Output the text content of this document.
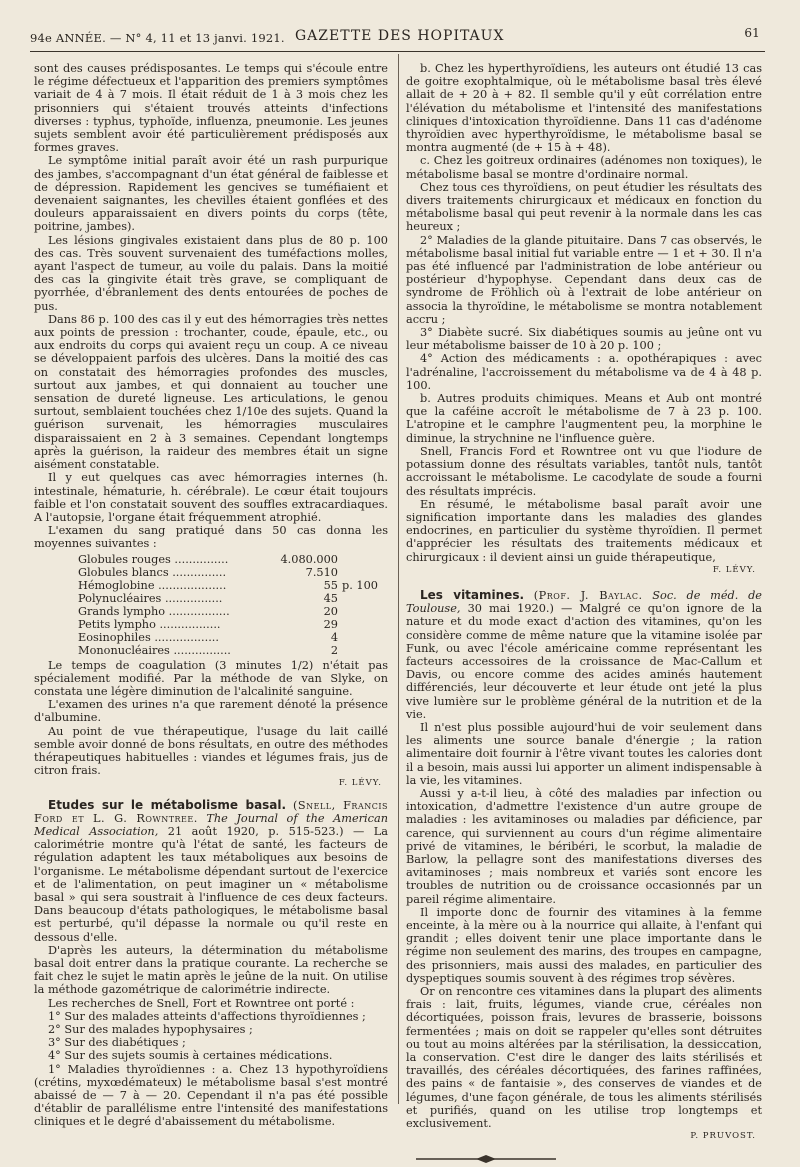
94e ANNÉE. — N° 4, 11 et 13 janvi. 1921. GAZETTE DES HOPITAUX	61

sont des causes prédisposantes. Le temps qui s'écoule entre le régime défectueux et l'apparition des premiers symptômes variait de 4 à 7 mois. Il était réduit de 1 à 3 mois chez les prisonniers qui s'étaient trouvés atteints d'infections diverses : typhus, typhoïde, influenza, pneumonie. Les jeunes sujets semblent avoir été particulièrement prédisposés aux formes graves.

Le symptôme initial paraît avoir été un rash purpurique des jambes, s'accompagnant d'un état général de faiblesse et de dépression. Rapidement les gencives se tuméfiaient et devenaient saignantes, les chevilles étaient gonflées et des douleurs apparaissaient en divers points du corps (tête, poitrine, jambes).

Les lésions gingivales existaient dans plus de 80 p. 100 des cas. Très souvent survenaient des tuméfactions molles, ayant l'aspect de tumeur, au voile du palais. Dans la moitié des cas la gingivite était très grave, se compliquant de pyorrhée, d'ébranlement des dents entourées de poches de pus.

Dans 86 p. 100 des cas il y eut des hémorragies très nettes aux points de pression : trochanter, coude, épaule, etc., ou aux endroits du corps qui avaient reçu un coup. A ce niveau se développaient parfois des ulcères. Dans la moitié des cas on constatait des hémorragies profondes des muscles, surtout aux jambes, et qui donnaient au toucher une sensation de dureté ligneuse. Les articulations, le genou surtout, semblaient touchées chez 1/10e des sujets. Quand la guérison survenait, les hémorragies musculaires disparaissaient en 2 à 3 semaines. Cependant longtemps après la guérison, la raideur des membres était un signe aisément constatable.

Il y eut quelques cas avec hémorragies internes (h. intestinale, hématurie, h. cérébrale). Le cœur était toujours faible et l'on constatait souvent des souffles extracardiaques. A l'autopsie, l'organe était fréquemment atrophié.

L'examen du sang pratiqué dans 50 cas donna les moyennes suivantes :

Globules rouges ...............	4.080.000	
Globules blancs ...............	7.510	
Hémoglobine ...................	55	p. 100
Polynucléaires ................	45	
Grands lympho .................	20	
Petits lympho .................	29	
Eosinophiles ..................	4	
Mononucléaires ................	2	

Le temps de coagulation (3 minutes 1/2) n'était pas spécialement modifié. Par la méthode de van Slyke, on constata une légère diminution de l'alcalinité sanguine.

L'examen des urines n'a que rarement dénoté la présence d'albumine.

Au point de vue thérapeutique, l'usage du lait caillé semble avoir donné de bons résultats, en outre des méthodes thérapeutiques habituelles : viandes et légumes frais, jus de citron frais.

F. LÉVY.

Etudes sur le métabolisme basal. (Snell, Francis Ford et L. G. Rowntree. The Journal of the American Medical Association, 21 août 1920, p. 515-523.) — La calorimétrie montre qu'à l'état de santé, les facteurs de régulation adaptent les taux métaboliques aux besoins de l'organisme. Le métabolisme dépendant surtout de l'exercice et de l'alimentation, on peut imaginer un « métabolisme basal » qui sera soustrait à l'influence de ces deux facteurs. Dans beaucoup d'états pathologiques, le métabolisme basal est perturbé, qu'il dépasse la normale ou qu'il reste en dessous d'elle.

D'après les auteurs, la détermination du métabolisme basal doit entrer dans la pratique courante. La recherche se fait chez le sujet le matin après le jeûne de la nuit. On utilise la méthode gazométrique de calorimétrie indirecte.

Les recherches de Snell, Fort et Rowntree ont porté :

1° Sur des malades atteints d'affections thyroïdiennes ;

2° Sur des malades hypophysaires ;

3° Sur des diabétiques ;

4° Sur des sujets soumis à certaines médications.

1° Maladies thyroïdiennes : a. Chez 13 hypothyroïdiens (crétins, myxœdémateux) le métabolisme basal s'est montré abaissé de — 7 à — 20. Cependant il n'a pas été possible d'établir de parallélisme entre l'intensité des manifestations cliniques et le degré d'abaissement du métabolisme.

b. Chez les hyperthyroïdiens, les auteurs ont étudié 13 cas de goitre exophtalmique, où le métabolisme basal très élevé allait de + 20 à + 82. Il semble qu'il y eût corrélation entre l'élévation du métabolisme et l'intensité des manifestations cliniques d'intoxication thyroïdienne. Dans 11 cas d'adénome thyroïdien avec hyperthyroïdisme, le métabolisme basal se montra augmenté (de + 15 à + 48).

c. Chez les goitreux ordinaires (adénomes non toxiques), le métabolisme basal se montre d'ordinaire normal.

Chez tous ces thyroïdiens, on peut étudier les résultats des divers traitements chirurgicaux et médicaux en fonction du métabolisme basal qui peut revenir à la normale dans les cas heureux ;

2° Maladies de la glande pituitaire. Dans 7 cas observés, le métabolisme basal initial fut variable entre — 1 et + 30. Il n'a pas été influencé par l'administration de lobe antérieur ou postérieur d'hypophyse. Cependant dans deux cas de syndrome de Fröhlich où à l'extrait de lobe antérieur on associa la thyroïdine, le métabolisme se montra notablement accru ;

3° Diabète sucré. Six diabétiques soumis au jeûne ont vu leur métabolisme baisser de 10 à 20 p. 100 ;

4° Action des médicaments : a. opothérapiques : avec l'adrénaline, l'accroissement du métabolisme va de 4 à 48 p. 100.

b. Autres produits chimiques. Means et Aub ont montré que la caféine accroît le métabolisme de 7 à 23 p. 100. L'atropine et le camphre l'augmentent peu, la morphine le diminue, la strychnine ne l'influence guère.

Snell, Francis Ford et Rowntree ont vu que l'iodure de potassium donne des résultats variables, tantôt nuls, tantôt accroissant le métabolisme. Le cacodylate de soude a fourni des résultats imprécis.

En résumé, le métabolisme basal paraît avoir une signification importante dans les maladies des glandes endocrines, en particulier du système thyroïdien. Il permet d'apprécier les résultats des traitements médicaux et chirurgicaux : il devient ainsi un guide thérapeutique,

F. LÉVY.

Les vitamines. (Prof. J. Baylac. Soc. de méd. de Toulouse, 30 mai 1920.) — Malgré ce qu'on ignore de la nature et du mode exact d'action des vitamines, qu'on les considère comme de même nature que la vitamine isolée par Funk, ou avec l'école américaine comme représentant les facteurs accessoires de la croissance de Mac-Callum et Davis, ou encore comme des acides aminés hautement différenciés, leur découverte et leur étude ont jeté la plus vive lumière sur le problème général de la nutrition et de la vie.

Il n'est plus possible aujourd'hui de voir seulement dans les aliments une source banale d'énergie ; la ration alimentaire doit fournir à l'être vivant toutes les calories dont il a besoin, mais aussi lui apporter un aliment indispensable à la vie, les vitamines.

Aussi y a-t-il lieu, à côté des maladies par infection ou intoxication, d'admettre l'existence d'un autre groupe de maladies : les avitaminoses ou maladies par déficience, par carence, qui surviennent au cours d'un régime alimentaire privé de vitamines, le béribéri, le scorbut, la maladie de Barlow, la pellagre sont des manifestations diverses des avitaminoses ; mais nombreux et variés sont encore les troubles de nutrition ou de croissance occasionnés par un pareil régime alimentaire.

Il importe donc de fournir des vitamines à la femme enceinte, à la mère ou à la nourrice qui allaite, à l'enfant qui grandit ; elles doivent tenir une place importante dans le régime non seulement des marins, des troupes en campagne, des prisonniers, mais aussi des malades, en particulier des dyspeptiques soumis souvent à des régimes trop sévères.

Or on rencontre ces vitamines dans la plupart des aliments frais : lait, fruits, légumes, viande crue, céréales non décortiquées, poisson frais, levures de brasserie, boissons fermentées ; mais on doit se rappeler qu'elles sont détruites ou tout au moins altérées par la stérilisation, la dessiccation, la conservation. C'est dire le danger des laits stérilisés et travaillés, des céréales décortiquées, des farines raffinées, des pains « de fantaisie », des conserves de viandes et de légumes, d'une façon générale, de tous les aliments stérilisés et purifiés, quand on les utilise trop longtemps et exclusivement.

P. PRUVOST.
